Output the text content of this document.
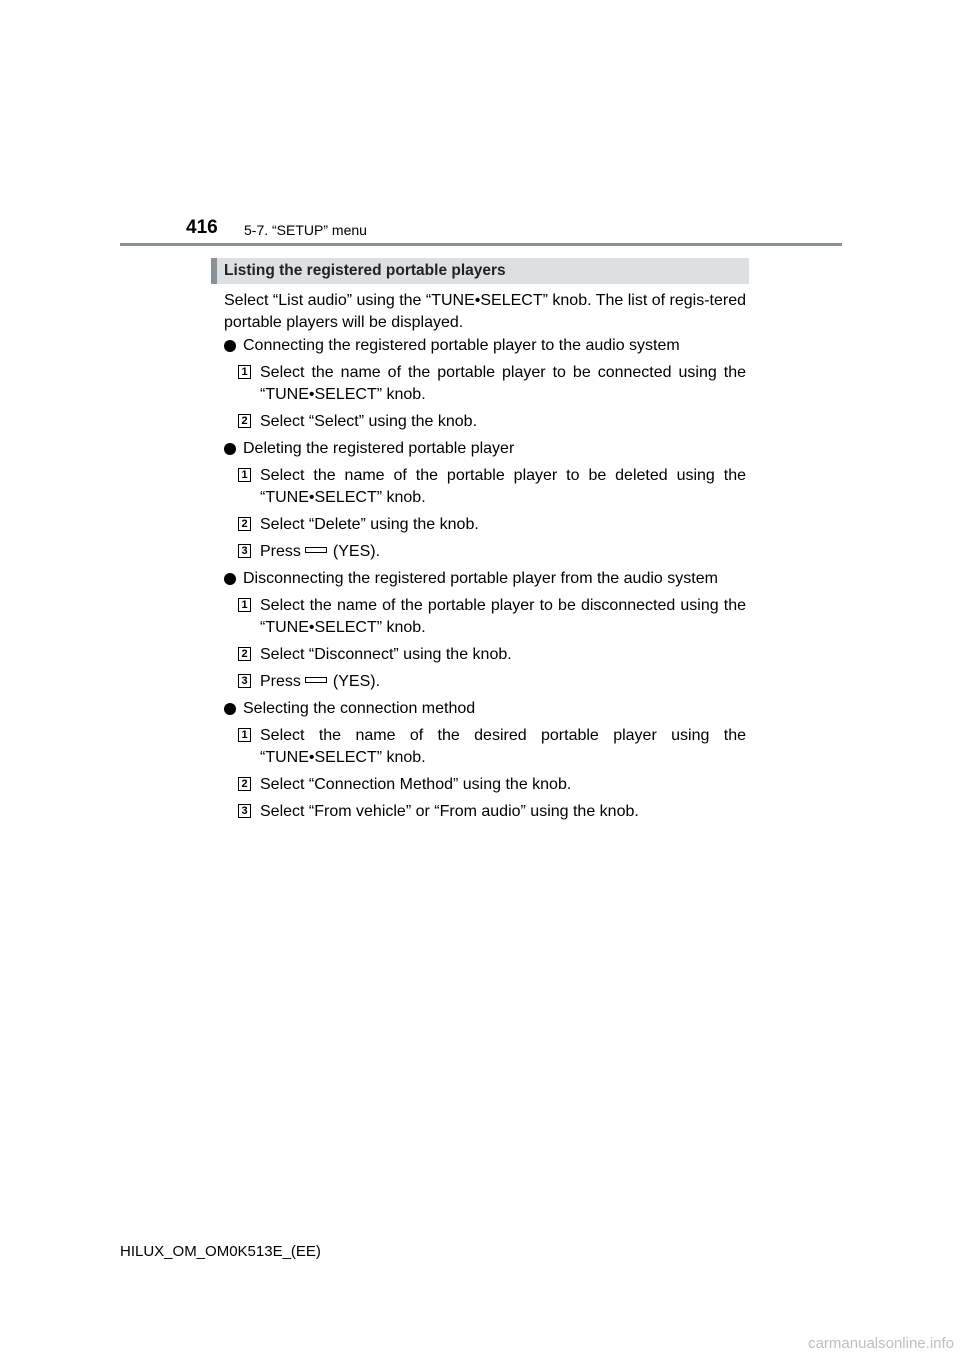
416 5-7. “SETUP” menu
Listing the registered portable players

Select “List audio” using the “TUNE•SELECT” knob. The list of regis-tered portable players will be displayed.

Connecting the registered portable player to the audio system
1 Select the name of the portable player to be connected using the “TUNE•SELECT” knob.
2 Select “Select” using the knob.
Deleting the registered portable player
1 Select the name of the portable player to be deleted using the “TUNE•SELECT” knob.
2 Select “Delete” using the knob.
3 Press (YES).
Disconnecting the registered portable player from the audio system
1 Select the name of the portable player to be disconnected using the “TUNE•SELECT” knob.
2 Select “Disconnect” using the knob.
3 Press (YES).
Selecting the connection method
1 Select the name of the desired portable player using the “TUNE•SELECT” knob.
2 Select “Connection Method” using the knob.
3 Select “From vehicle” or “From audio” using the knob.
HILUX_OM_OM0K513E_(EE)
carmanualsonline.info
